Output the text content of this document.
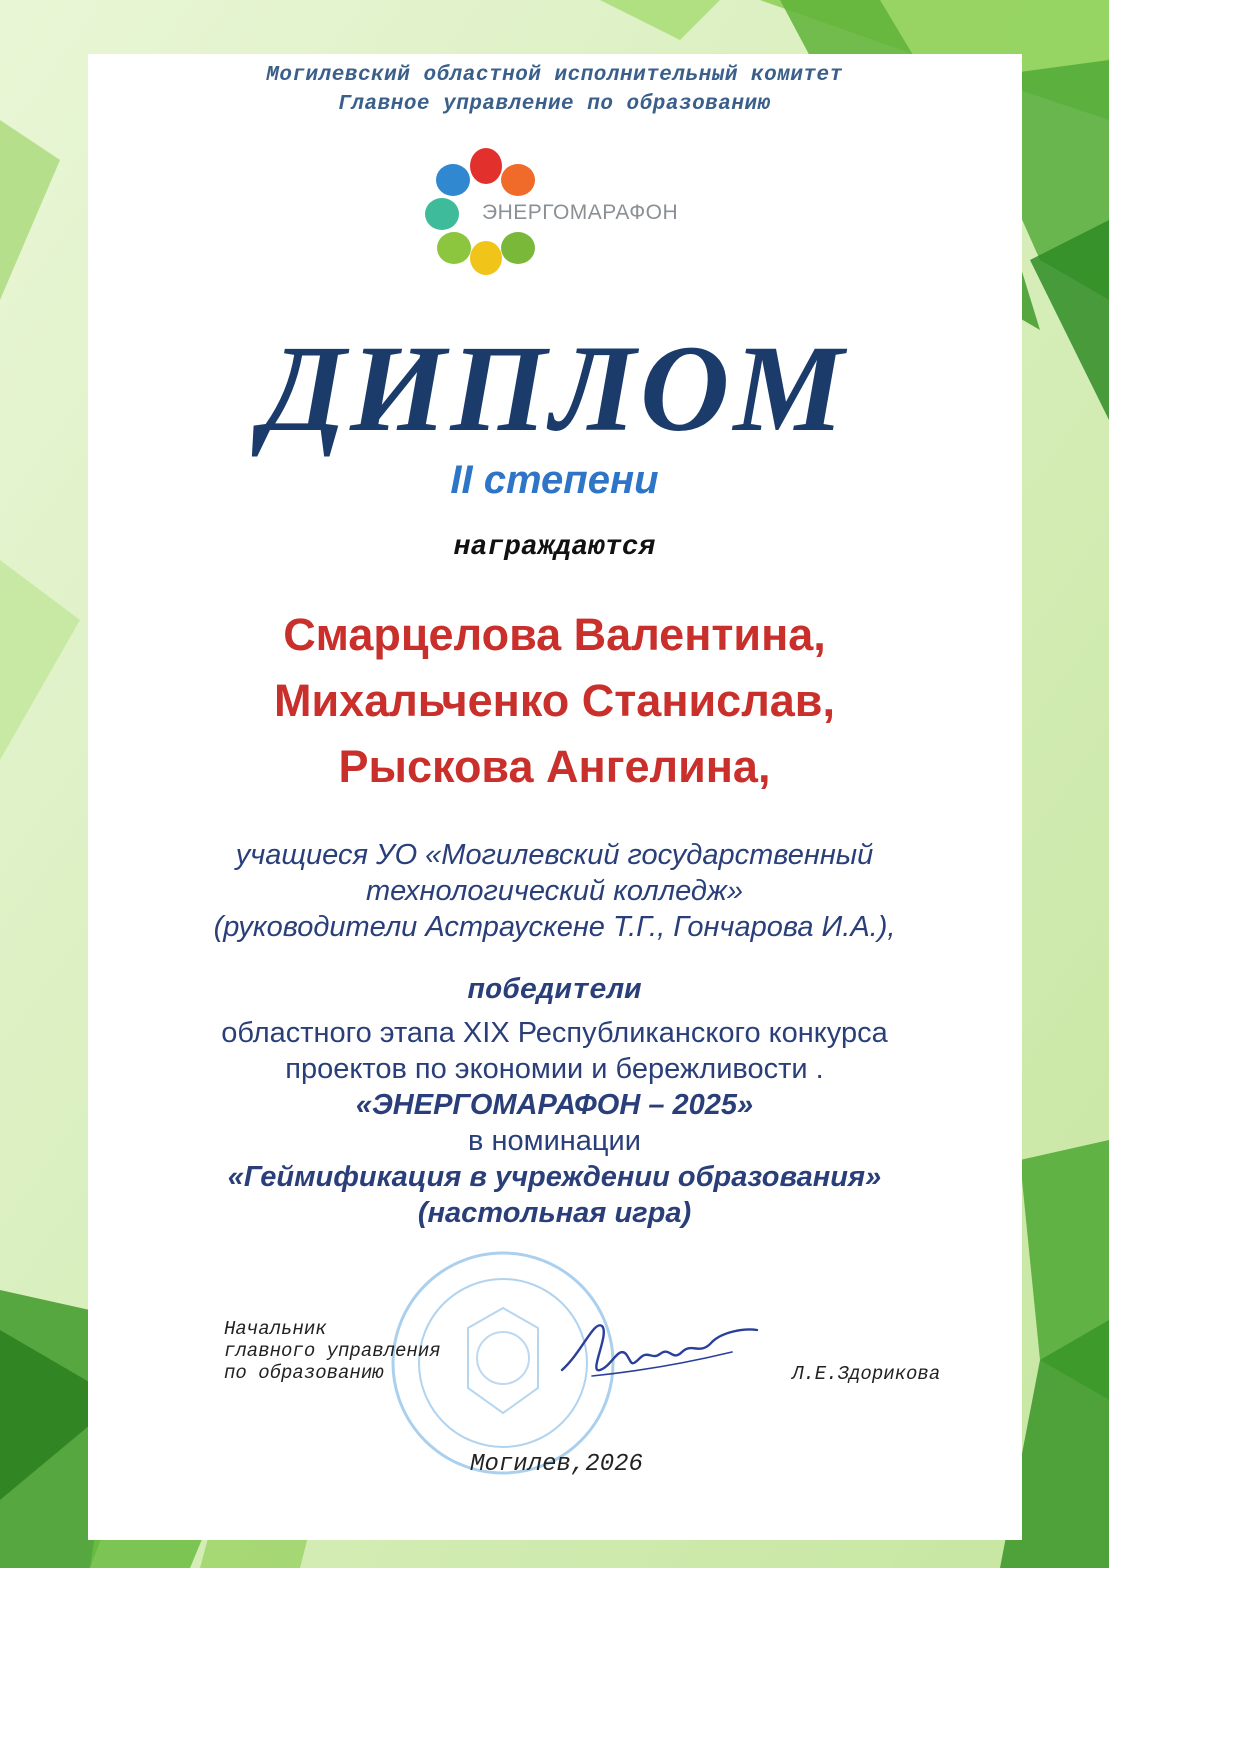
Могилевский областной исполнительный комитет
Главное управление по образованию
ЭНЕРГОМАРАФОН
ДИПЛОМ
II степени
награждаются
Смарцелова Валентина,
Михальченко Станислав,
Рыскова Ангелина,
учащиеся УО «Могилевский государственный
технологический колледж»
(руководители Астраускене Т.Г., Гончарова И.А.),
победители
областного этапа XIX Республиканского конкурса
проектов по экономии и бережливости .
«ЭНЕРГОМАРАФОН – 2025»
в номинации
«Геймификация в учреждении образования»
(настольная игра)
Начальник
главного управления
по образованию	Л.Е.Здорикова
Могилев,2026
